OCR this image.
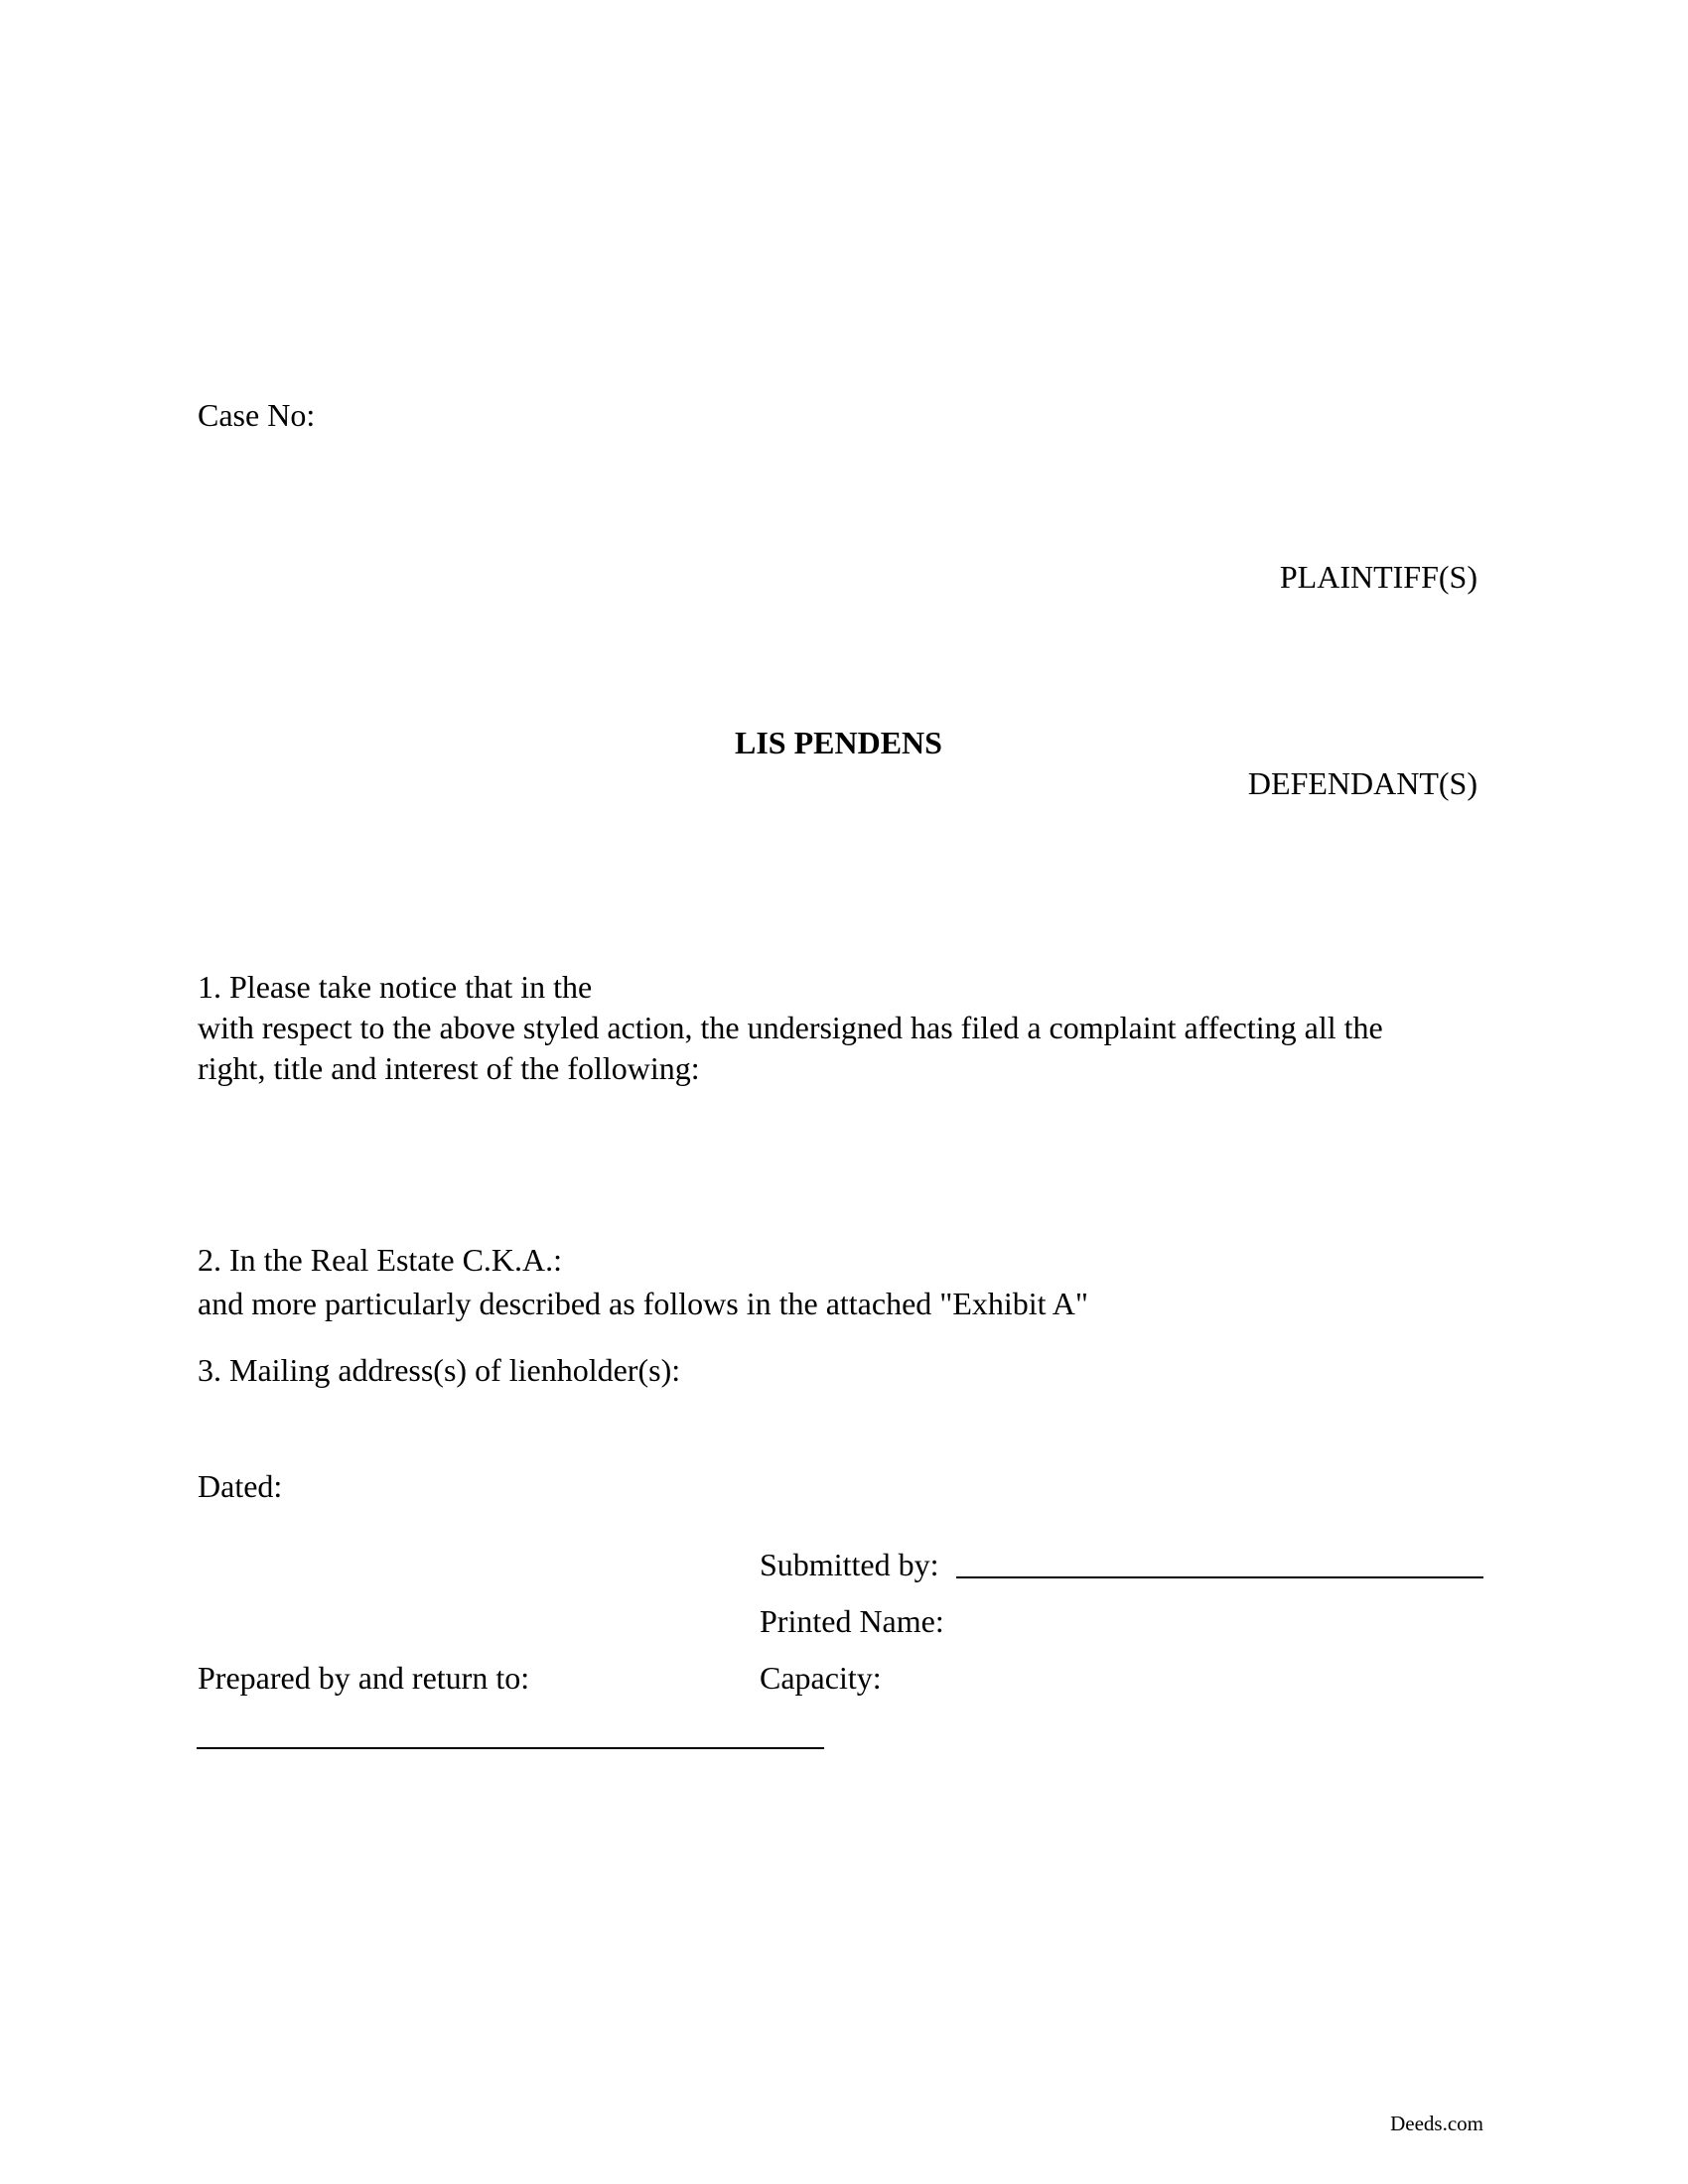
Case No:

PLAINTIFF(S)

LIS PENDENS

DEFENDANT(S)

1. Please take notice that in the

with respect to the above styled action, the undersigned has filed a complaint affecting all the

right, title and interest of the following:

2. In the Real Estate C.K.A.:

and more particularly described as follows in the attached "Exhibit A"

3. Mailing address(s) of lienholder(s):

Dated:

Submitted by:

Printed Name:

Prepared by and return to:	Capacity:

Deeds.com
